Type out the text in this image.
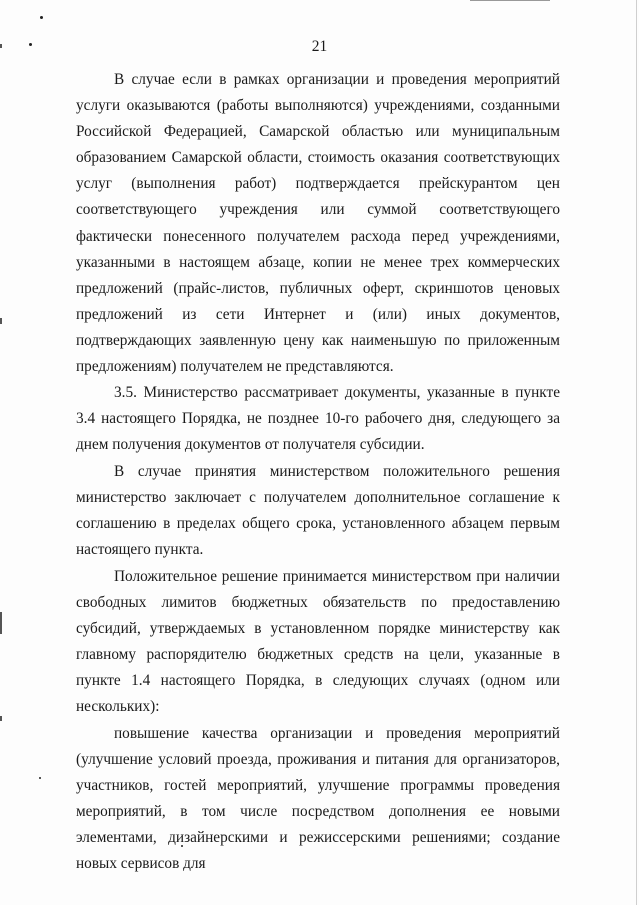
21

В случае если в рамках организации и проведения мероприятий услуги оказываются (работы выполняются) учреждениями, созданными Российской Федерацией, Самарской областью или муниципальным образованием Самарской области, стоимость оказания соответствующих услуг (выполнения работ) подтверждается прейскурантом цен соответствующего учреждения или суммой соответствующего фактически понесенного получателем расхода перед учреждениями, указанными в настоящем абзаце, копии не менее трех коммерческих предложений (прайс-листов, публичных оферт, скриншотов ценовых предложений из сети Интернет и (или) иных документов, подтверждающих заявленную цену как наименьшую по приложенным предложениям) получателем не представляются.

3.5. Министерство рассматривает документы, указанные в пункте 3.4 настоящего Порядка, не позднее 10-го рабочего дня, следующего за днем получения документов от получателя субсидии.

В случае принятия министерством положительного решения министерство заключает с получателем дополнительное соглашение к соглашению в пределах общего срока, установленного абзацем первым настоящего пункта.

Положительное решение принимается министерством при наличии свободных лимитов бюджетных обязательств по предоставлению субсидий, утверждаемых в установленном порядке министерству как главному распорядителю бюджетных средств на цели, указанные в пункте 1.4 настоящего Порядка, в следующих случаях (одном или нескольких):

повышение качества организации и проведения мероприятий (улучшение условий проезда, проживания и питания для организаторов, участников, гостей мероприятий, улучшение программы проведения мероприятий, в том числе посредством дополнения ее новыми элементами, дизайнерскими и режиссерскими решениями; создание новых сервисов для
